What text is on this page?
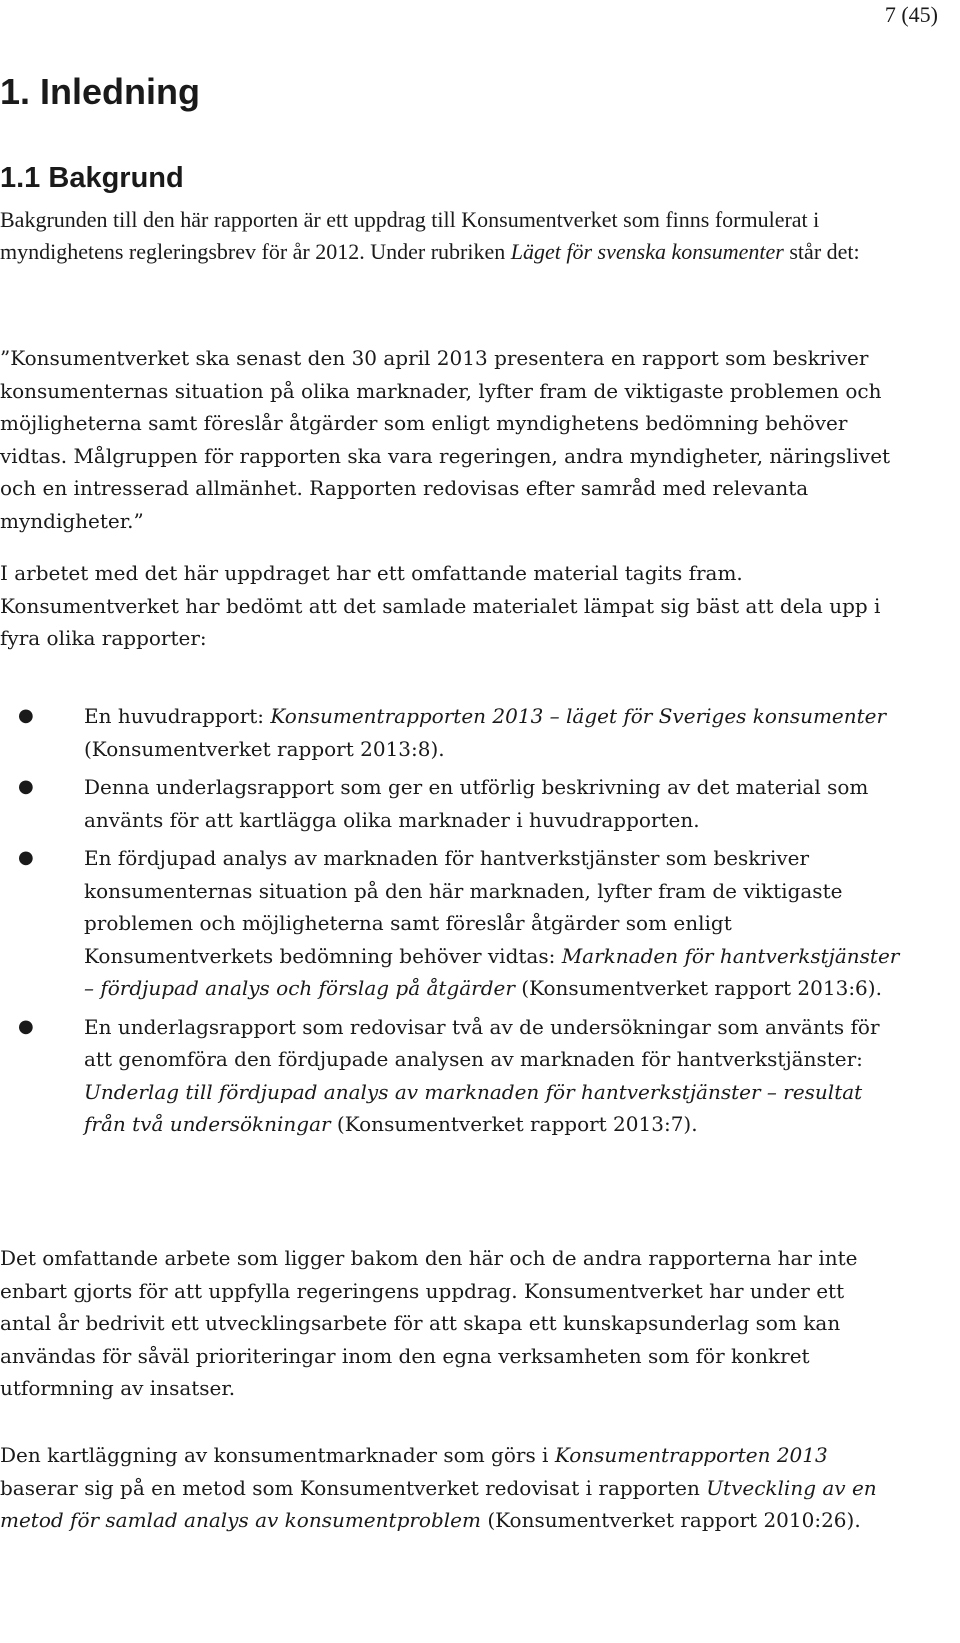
7 (45)
1. Inledning
1.1 Bakgrund

Bakgrunden till den här rapporten är ett uppdrag till Konsumentverket som finns formulerat i myndighetens regleringsbrev för år 2012. Under rubriken Läget för svenska konsumenter står det:

”Konsumentverket ska senast den 30 april 2013 presentera en rapport som beskriver konsumenternas situation på olika marknader, lyfter fram de viktigaste problemen och möjligheterna samt föreslår åtgärder som enligt myndighetens bedömning behöver vidtas. Målgruppen för rapporten ska vara regeringen, andra myndigheter, näringslivet och en intresserad allmänhet. Rapporten redovisas efter samråd med relevanta myndigheter.”

I arbetet med det här uppdraget har ett omfattande material tagits fram. Konsumentverket har bedömt att det samlade materialet lämpat sig bäst att dela upp i fyra olika rapporter:

●	En huvudrapport: Konsumentrapporten 2013 – läget för Sveriges konsumenter (Konsumentverket rapport 2013:8).
●	Denna underlagsrapport som ger en utförlig beskrivning av det material som använts för att kartlägga olika marknader i huvudrapporten.
●	En fördjupad analys av marknaden för hantverkstjänster som beskriver konsumenternas situation på den här marknaden, lyfter fram de viktigaste problemen och möjligheterna samt föreslår åtgärder som enligt Konsumentverkets bedömning behöver vidtas: Marknaden för hantverkstjänster – fördjupad analys och förslag på åtgärder (Konsumentverket rapport 2013:6).
●	En underlagsrapport som redovisar två av de undersökningar som använts för att genomföra den fördjupade analysen av marknaden för hantverkstjänster: Underlag till fördjupad analys av marknaden för hantverkstjänster – resultat från två undersökningar (Konsumentverket rapport 2013:7).

Det omfattande arbete som ligger bakom den här och de andra rapporterna har inte enbart gjorts för att uppfylla regeringens uppdrag. Konsumentverket har under ett antal år bedrivit ett utvecklingsarbete för att skapa ett kunskapsunderlag som kan användas för såväl prioriteringar inom den egna verksamheten som för konkret utformning av insatser.

Den kartläggning av konsumentmarknader som görs i Konsumentrapporten 2013 baserar sig på en metod som Konsumentverket redovisat i rapporten Utveckling av en metod för samlad analys av konsumentproblem (Konsumentverket rapport 2010:26).
